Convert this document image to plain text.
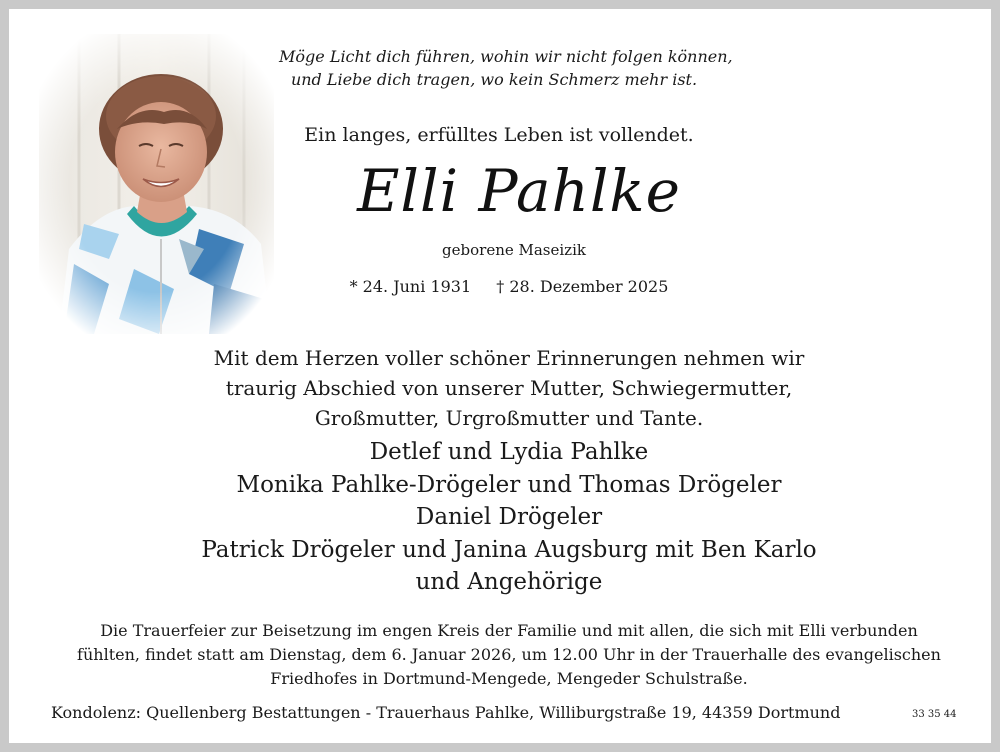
Möge Licht dich führen, wohin wir nicht folgen können,
und Liebe dich tragen, wo kein Schmerz mehr ist.
Ein langes, erfülltes Leben ist vollendet.
Elli Pahlke
geborene Maseizik
* 24. Juni 1931 † 28. Dezember 2025
Mit dem Herzen voller schöner Erinnerungen nehmen wir
traurig Abschied von unserer Mutter, Schwiegermutter,
Großmutter, Urgroßmutter und Tante.
Detlef und Lydia Pahlke
Monika Pahlke-Drögeler und Thomas Drögeler
Daniel Drögeler
Patrick Drögeler und Janina Augsburg mit Ben Karlo
und Angehörige
Die Trauerfeier zur Beisetzung im engen Kreis der Familie und mit allen, die sich mit Elli verbunden
fühlten, findet statt am Dienstag, dem 6. Januar 2026, um 12.00 Uhr in der Trauerhalle des evangelischen
Friedhofes in Dortmund-Mengede, Mengeder Schulstraße.
Kondolenz: Quellenberg Bestattungen - Trauerhaus Pahlke, Williburgstraße 19, 44359 Dortmund	33 35 44
